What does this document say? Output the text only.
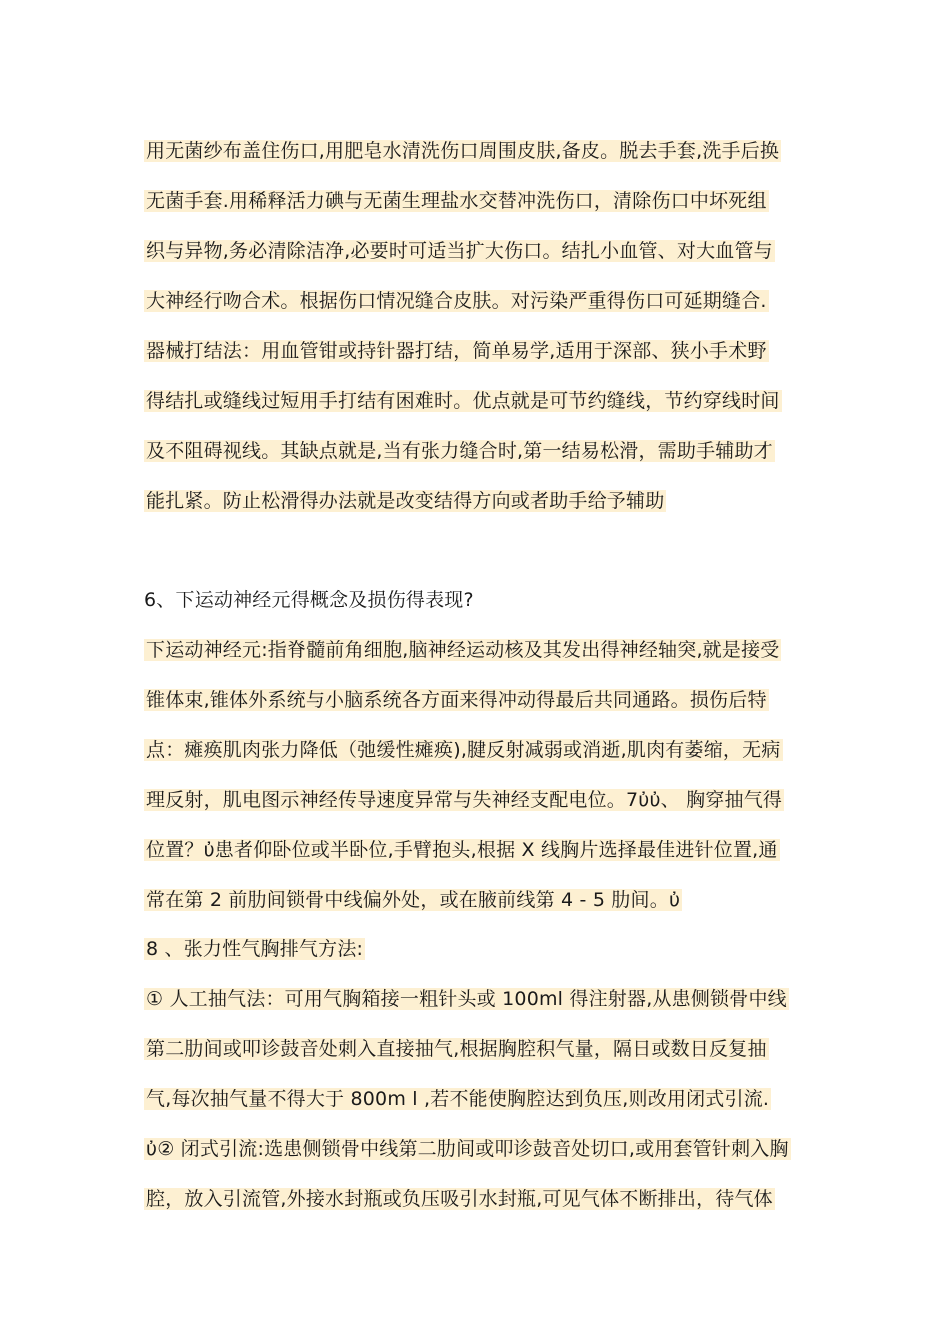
用无菌纱布盖住伤口,用肥皂水清洗伤口周围皮肤,备皮。脱去手套,洗手后换
无菌手套.用稀释活力碘与无菌生理盐水交替冲洗伤口，清除伤口中坏死组
织与异物,务必清除洁净,必要时可适当扩大伤口。结扎小血管、对大血管与
大神经行吻合术。根据伤口情况缝合皮肤。对污染严重得伤口可延期缝合.
器械打结法：用血管钳或持针器打结，简单易学,适用于深部、狭小手术野
得结扎或缝线过短用手打结有困难时。优点就是可节约缝线，节约穿线时间
及不阻碍视线。其缺点就是,当有张力缝合时,第一结易松滑，需助手辅助才
能扎紧。防止松滑得办法就是改变结得方向或者助手给予辅助
6、下运动神经元得概念及损伤得表现?
下运动神经元:指脊髓前角细胞,脑神经运动核及其发出得神经轴突,就是接受
锥体束,锥体外系统与小脑系统各方面来得冲动得最后共同通路。损伤后特
点：瘫痪肌肉张力降低（弛缓性瘫痪),腱反射减弱或消逝,肌肉有萎缩，无病
理反射，肌电图示神经传导速度异常与失神经支配电位。7ὐὐ、 胸穿抽气得
位置？ὐ患者仰卧位或半卧位,手臂抱头,根据 X 线胸片选择最佳进针位置,通
常在第 2 前肋间锁骨中线偏外处，或在腋前线第 4 - 5 肋间。ὐ
8 、张力性气胸排气方法:
① 人工抽气法：可用气胸箱接一粗针头或 100ml 得注射器,从患侧锁骨中线
第二肋间或叩诊鼓音处刺入直接抽气,根据胸腔积气量，隔日或数日反复抽
气,每次抽气量不得大于 800m l ,若不能使胸腔达到负压,则改用闭式引流.
ὐ② 闭式引流:选患侧锁骨中线第二肋间或叩诊鼓音处切口,或用套管针刺入胸
腔，放入引流管,外接水封瓶或负压吸引水封瓶,可见气体不断排出，待气体
